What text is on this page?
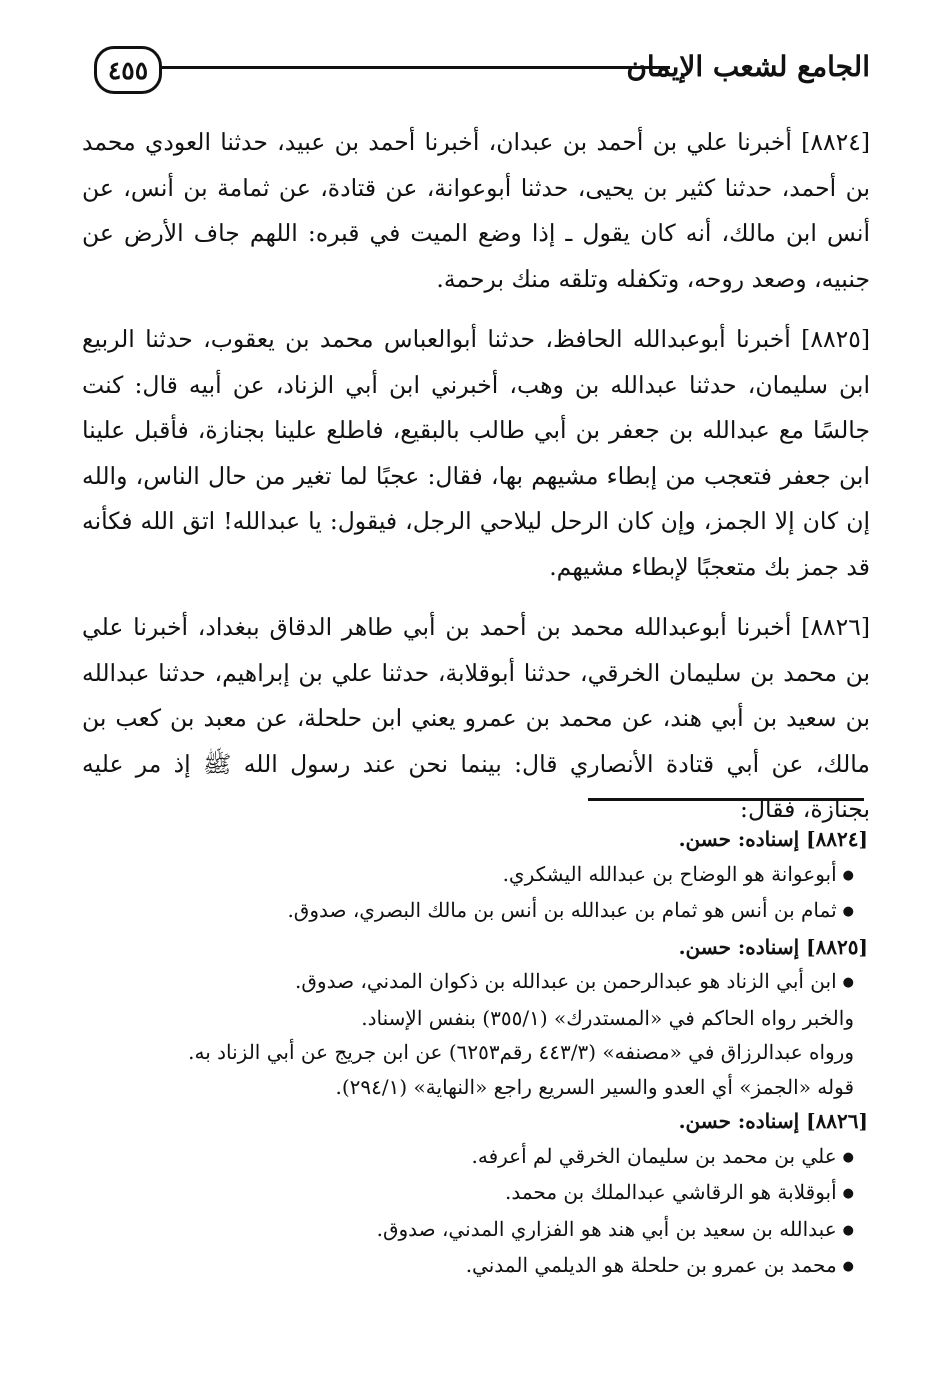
٤٥٥	الجامع لشعب الإيمان

[٨٨٢٤] أخبرنا علي بن أحمد بن عبدان، أخبرنا أحمد بن عبيد، حدثنا العودي محمد بن أحمد، حدثنا كثير بن يحيى، حدثنا أبوعوانة، عن قتادة، عن ثمامة بن أنس، عن أنس ابن مالك، أنه كان يقول ـ إذا وضع الميت في قبره: اللهم جاف الأرض عن جنبيه، وصعد روحه، وتكفله وتلقه منك برحمة.

[٨٨٢٥] أخبرنا أبوعبدالله الحافظ، حدثنا أبوالعباس محمد بن يعقوب، حدثنا الربيع ابن سليمان، حدثنا عبدالله بن وهب، أخبرني ابن أبي الزناد، عن أبيه قال: كنت جالسًا مع عبدالله بن جعفر بن أبي طالب بالبقيع، فاطلع علينا بجنازة، فأقبل علينا ابن جعفر فتعجب من إبطاء مشيهم بها، فقال: عجبًا لما تغير من حال الناس، والله إن كان إلا الجمز، وإن كان الرحل ليلاحي الرجل، فيقول: يا عبدالله! اتق الله فكأنه قد جمز بك متعجبًا لإبطاء مشيهم.

[٨٨٢٦] أخبرنا أبوعبدالله محمد بن أحمد بن أبي طاهر الدقاق ببغداد، أخبرنا علي بن محمد بن سليمان الخرقي، حدثنا أبوقلابة، حدثنا علي بن إبراهيم، حدثنا عبدالله بن سعيد بن أبي هند، عن محمد بن عمرو يعني ابن حلحلة، عن معبد بن كعب بن مالك، عن أبي قتادة الأنصاري قال: بينما نحن عند رسول الله ﷺ إذ مر عليه بجنازة، فقال:

[٨٨٢٤] إسناده: حسن.
● أبوعوانة هو الوضاح بن عبدالله اليشكري.
● ثمام بن أنس هو ثمام بن عبدالله بن أنس بن مالك البصري، صدوق.
[٨٨٢٥] إسناده: حسن.
● ابن أبي الزناد هو عبدالرحمن بن عبدالله بن ذكوان المدني، صدوق.
والخبر رواه الحاكم في «المستدرك» (٣٥٥/١) بنفس الإسناد.
ورواه عبدالرزاق في «مصنفه» (٤٤٣/٣ رقم٦٢٥٣) عن ابن جريج عن أبي الزناد به.
قوله «الجمز» أي العدو والسير السريع راجع «النهاية» (٢٩٤/١).
[٨٨٢٦] إسناده: حسن.
● علي بن محمد بن سليمان الخرقي لم أعرفه.
● أبوقلابة هو الرقاشي عبدالملك بن محمد.
● عبدالله بن سعيد بن أبي هند هو الفزاري المدني، صدوق.
● محمد بن عمرو بن حلحلة هو الديلمي المدني.
